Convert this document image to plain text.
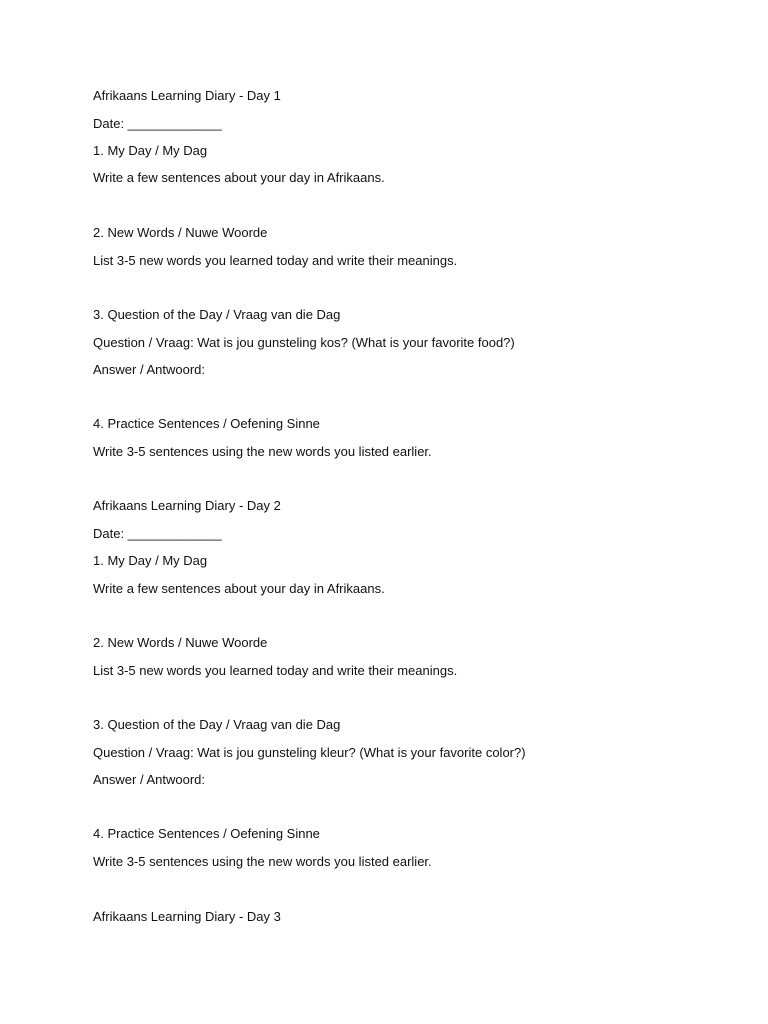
Afrikaans Learning Diary - Day 1
Date: _____________
1. My Day / My Dag
Write a few sentences about your day in Afrikaans.
2. New Words / Nuwe Woorde
List 3-5 new words you learned today and write their meanings.
3. Question of the Day / Vraag van die Dag
Question / Vraag: Wat is jou gunsteling kos? (What is your favorite food?)
Answer / Antwoord:
4. Practice Sentences / Oefening Sinne
Write 3-5 sentences using the new words you listed earlier.
Afrikaans Learning Diary - Day 2
Date: _____________
1. My Day / My Dag
Write a few sentences about your day in Afrikaans.
2. New Words / Nuwe Woorde
List 3-5 new words you learned today and write their meanings.
3. Question of the Day / Vraag van die Dag
Question / Vraag: Wat is jou gunsteling kleur? (What is your favorite color?)
Answer / Antwoord:
4. Practice Sentences / Oefening Sinne
Write 3-5 sentences using the new words you listed earlier.
Afrikaans Learning Diary - Day 3
